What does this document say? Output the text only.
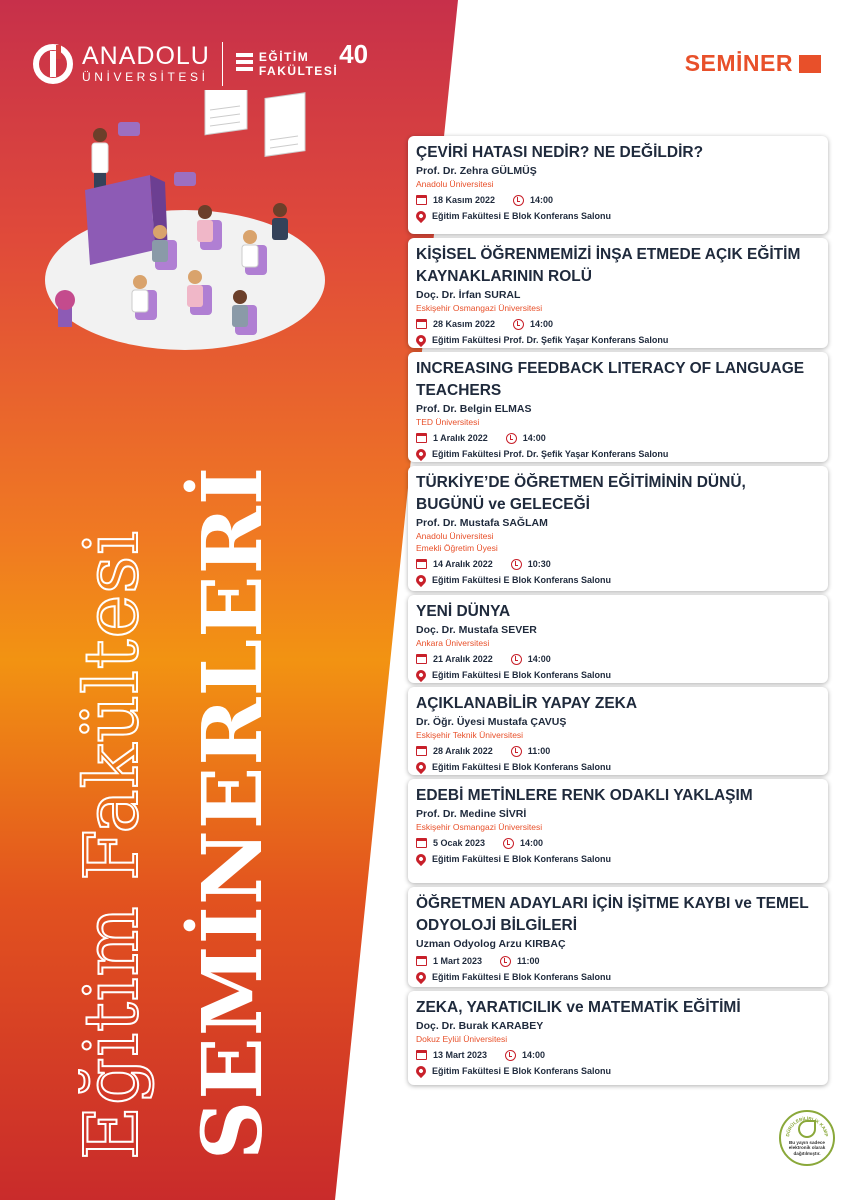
ANADOLU
ÜNİVERSİTESİ
EĞİTİM
FAKÜLTESİ
40	SEMİNER
Eğitim Fakültesi SEMİNERLERİ
ÇEVİRİ HATASI NEDİR? NE DEĞİLDİR?
Prof. Dr. Zehra GÜLMÜŞ
Anadolu Üniversitesi
18 Kasım 2022	14:00
Eğitim Fakültesi E Blok Konferans Salonu
KİŞİSEL ÖĞRENMEMİZİ İNŞA ETMEDE AÇIK EĞİTİM KAYNAKLARININ ROLÜ
Doç. Dr. İrfan SURAL
Eskişehir Osmangazi Üniversitesi
28 Kasım 2022	14:00
Eğitim Fakültesi Prof. Dr. Şefik Yaşar Konferans Salonu
INCREASING FEEDBACK LITERACY OF LANGUAGE TEACHERS
Prof. Dr. Belgin ELMAS
TED Üniversitesi
1 Aralık 2022	14:00
Eğitim Fakültesi Prof. Dr. Şefik Yaşar Konferans Salonu
TÜRKİYE’DE ÖĞRETMEN EĞİTİMİNİN DÜNÜ, BUGÜNÜ ve GELECEĞİ
Prof. Dr. Mustafa SAĞLAM
Anadolu Üniversitesi
Emekli Öğretim Üyesi
14 Aralık 2022	10:30
Eğitim Fakültesi E Blok Konferans Salonu
YENİ DÜNYA
Doç. Dr. Mustafa SEVER
Ankara Üniversitesi
21 Aralık 2022	14:00
Eğitim Fakültesi E Blok Konferans Salonu
AÇIKLANABİLİR YAPAY ZEKA
Dr. Öğr. Üyesi Mustafa ÇAVUŞ
Eskişehir Teknik Üniversitesi
28 Aralık 2022	11:00
Eğitim Fakültesi E Blok Konferans Salonu
EDEBİ METİNLERE RENK ODAKLI YAKLAŞIM
Prof. Dr. Medine SİVRİ
Eskişehir Osmangazi Üniversitesi
5 Ocak 2023	14:00
Eğitim Fakültesi E Blok Konferans Salonu
ÖĞRETMEN ADAYLARI İÇİN İŞİTME KAYBI ve TEMEL ODYOLOJİ BİLGİLERİ
Uzman Odyolog Arzu KIRBAÇ
1 Mart 2023	11:00
Eğitim Fakültesi E Blok Konferans Salonu
ZEKA, YARATICILIK ve MATEMATİK EĞİTİMİ
Doç. Dr. Burak KARABEY
Dokuz Eylül Üniversitesi
13 Mart 2023	14:00
Eğitim Fakültesi E Blok Konferans Salonu
DÜRÜLEBİLİRLİK KAMP
Bu yayın sadece elektronik olarak dağıtılmıştır.
